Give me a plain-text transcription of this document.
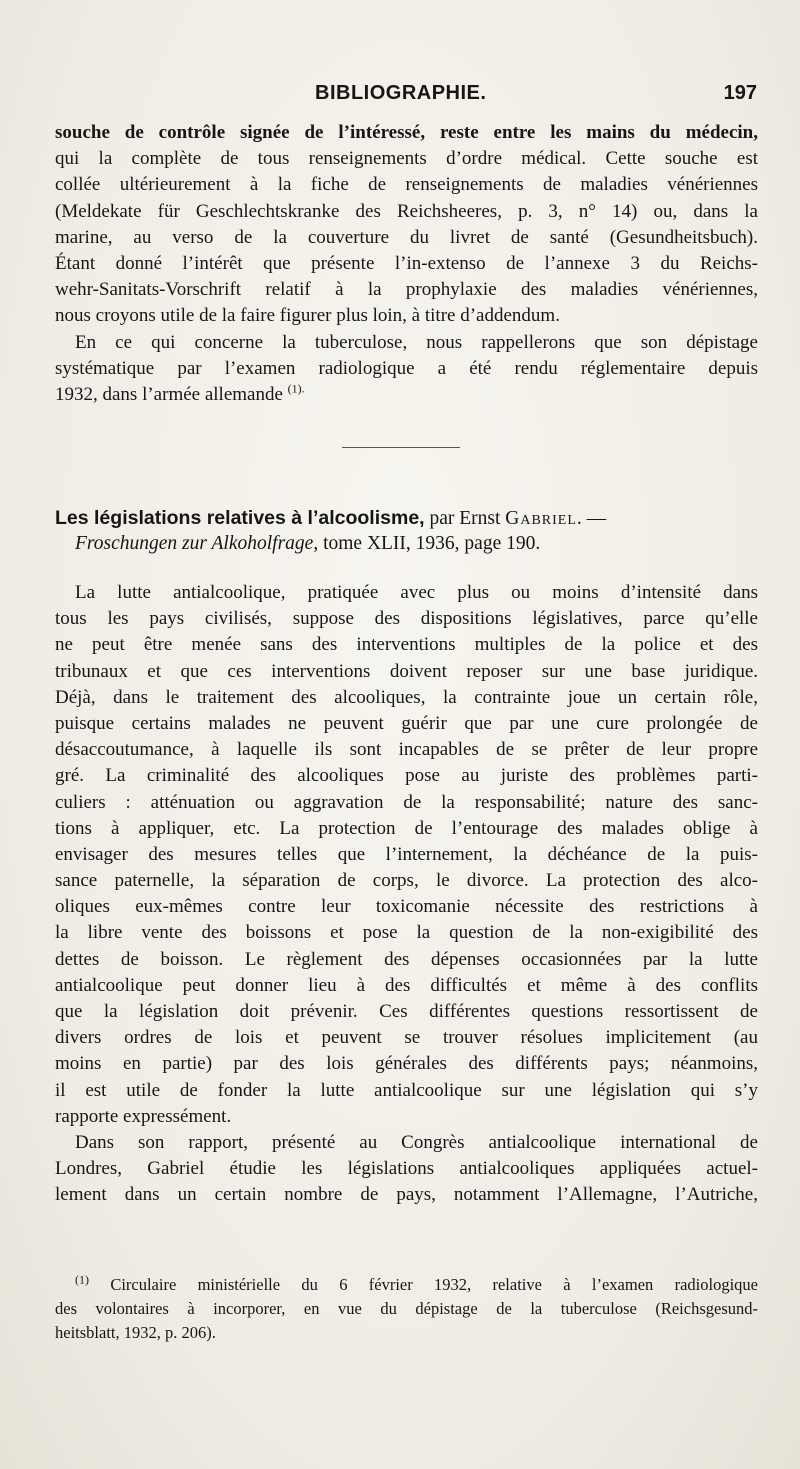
BIBLIOGRAPHIE.	197
souche de contrôle signée de l’intéressé, reste entre les mains du médecin,
qui la complète de tous renseignements d’ordre médical. Cette souche est
collée ultérieurement à la fiche de renseignements de maladies vénériennes
(Meldekate für Geschlechtskranke des Reichsheeres, p. 3, n° 14) ou, dans la
marine, au verso de la couverture du livret de santé (Gesundheitsbuch).
Étant donné l’intérêt que présente l’in-extenso de l’annexe 3 du Reichs-
wehr-Sanitats-Vorschrift relatif à la prophylaxie des maladies vénériennes,
nous croyons utile de la faire figurer plus loin, à titre d’addendum.
En ce qui concerne la tuberculose, nous rappellerons que son dépistage
systématique par l’examen radiologique a été rendu réglementaire depuis
1932, dans l’armée allemande $^{(1).}$
Les législations relatives à l’alcoolisme, par Ernst Gabriel. —
Froschungen zur Alkoholfrage, tome XLII, 1936, page 190.
La lutte antialcoolique, pratiquée avec plus ou moins d’intensité dans
tous les pays civilisés, suppose des dispositions législatives, parce qu’elle
ne peut être menée sans des interventions multiples de la police et des
tribunaux et que ces interventions doivent reposer sur une base juridique.
Déjà, dans le traitement des alcooliques, la contrainte joue un certain rôle,
puisque certains malades ne peuvent guérir que par une cure prolongée de
désaccoutumance, à laquelle ils sont incapables de se prêter de leur propre
gré. La criminalité des alcooliques pose au juriste des problèmes parti-
culiers : atténuation ou aggravation de la responsabilité; nature des sanc-
tions à appliquer, etc. La protection de l’entourage des malades oblige à
envisager des mesures telles que l’internement, la déchéance de la puis-
sance paternelle, la séparation de corps, le divorce. La protection des alco-
oliques eux-mêmes contre leur toxicomanie nécessite des restrictions à
la libre vente des boissons et pose la question de la non-exigibilité des
dettes de boisson. Le règlement des dépenses occasionnées par la lutte
antialcoolique peut donner lieu à des difficultés et même à des conflits
que la législation doit prévenir. Ces différentes questions ressortissent de
divers ordres de lois et peuvent se trouver résolues implicitement (au
moins en partie) par des lois générales des différents pays; néanmoins,
il est utile de fonder la lutte antialcoolique sur une législation qui s’y
rapporte expressément.
Dans son rapport, présenté au Congrès antialcoolique international de
Londres, Gabriel étudie les législations antialcooliques appliquées actuel-
lement dans un certain nombre de pays, notamment l’Allemagne, l’Autriche,
$^{(1)}$ Circulaire ministérielle du 6 février 1932, relative à l’examen radiologique
des volontaires à incorporer, en vue du dépistage de la tuberculose (Reichsgesund-
heitsblatt, 1932, p. 206).
